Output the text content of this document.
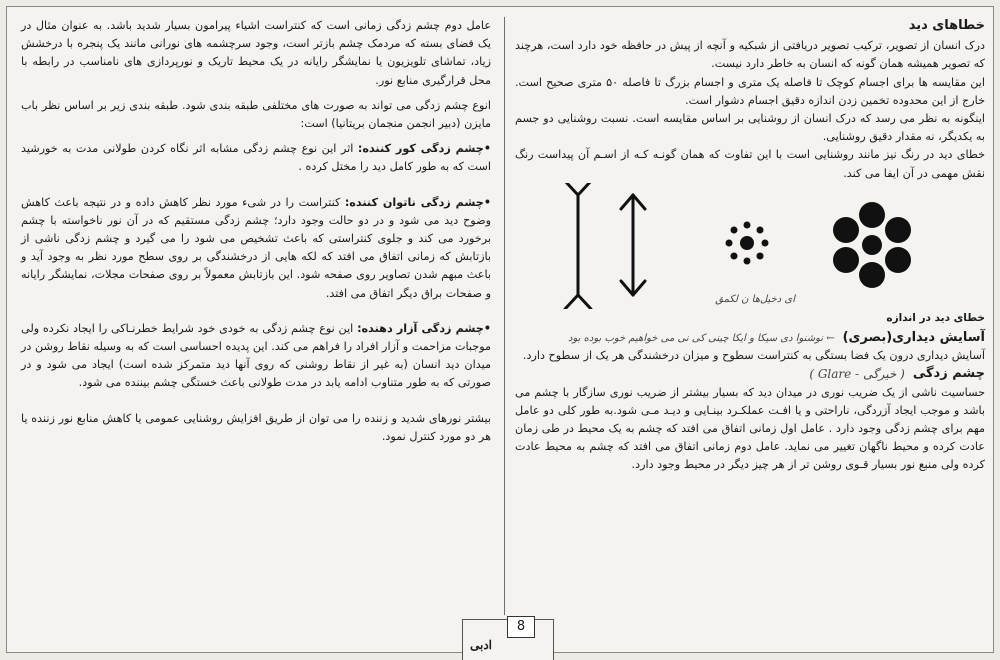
عامل دوم چشم زدگی زمانی است که کنتراست اشیاء پیرامون بسیار شدید باشد. به عنوان مثال در یک فضای بسته که مردمک چشم بازتر است، وجود سرچشمه های نورانی مانند یک پنجره با درخشش زیاد، تماشای تلویزیون یا نمایشگر رایانه در یک محیط تاریک و نورپردازی های نامناسب در رابطه با محل قرارگیری منابع نور.

انوع چشم زدگی می تواند به صورت های مختلفی طبقه بندی شود. طبقه بندی زیر بر اساس نظر باب مایزن (دبیر انجمن منجمان بریتانیا) است:

•چشم زدگی کور کننده: اثر این نوع چشم زدگی مشابه اثر نگاه کردن طولانی مدت به خورشید است که به طور کامل دید را مختل کرده .

•چشم زدگی ناتوان کننده: کنتراست را در شیء مورد نظر کاهش داده و در نتیجه باعث کاهش وضوح دید می شود و در دو حالت وجود دارد؛ چشم زدگی مستقیم که در آن نور ناخواسته با چشم برخورد می کند و جلوی کنتراستی که باعث تشخیص می شود را می گیرد و چشم زدگی ناشی از بازتابش که زمانی اتفاق می افتد که لکه هایی از درخشندگی بر روی سطح مورد نظر به وجود آید و باعث مبهم شدن تصاویر روی صفحه شود. این بازتابش معمولاً بر روی صفحات مجلات، نمایشگر رایانه و صفحات براق دیگر اتفاق می افتد.

•چشم زدگی آزار دهنده: این نوع چشم زدگی به خودی خود شرایط خطرنـاکی را ایجاد نکرده ولی موجبات مزاحمت و آزار افراد را فراهم می کند. این پدیده احساسی است که به وسیله نقاط روشن در میدان دید انسان (به غیر از نقاط روشنی که روی آنها دید متمرکز شده است) ایجاد می شود و در صورتی که به طور متناوب ادامه یابد در مدت طولانی باعث خستگی چشم بیننده می شود.

بیشتر نورهای شدید و زننده را می توان از طریق افزایش روشنایی عمومی یا کاهش منابع نور زننده یا هر دو مورد کنترل نمود.

خطاهای دید

درک انسان از تصویر، ترکیب تصویر دریافتی از شبکیه و آنچه از پیش در حافظه خود دارد است، هرچند که تصویر همیشه همان گونه که انسان به خاطر دارد نیست.

این مقایسه ها برای اجسام کوچک تا فاصله یک متری و اجسام بزرگ تا فاصله ۵۰ متری صحیح است. خارج از این محدوده تخمین زدن اندازه دقیق اجسام دشوار است.

اینگونه به نظر می رسد که درک انسان از روشنایی بر اساس مقایسه است. نسبت روشنایی دو جسم به یکدیگر، نه مقدار دقیق روشنایی.

خطای دید در رنگ نیز مانند روشنایی است با این تفاوت که همان گونـه کـه از اسـم آن پیداست رنگ نقش مهمی در آن ایفا می کند.

ای دخیل‌ها ن لکمق
خطای دید در اندازه
آسایش دیداری(بصری)
← نوشنوا دی سیکا و ایکا چینی کی نی می خواهیم خوب بوده بود

آسایش دیداری درون یک فضا بستگی به کنتراست سطوح و میزان درخشندگی هر یک از سطوح دارد.

چشم زدگی
( Glare - خیرگی )

حساسیت ناشی از یک ضریب نوری در میدان دید که بسیار بیشتر از ضریب نوری سازگار با چشم می باشد و موجب ایجاد آزردگی، ناراحتی و یا افـت عملکـرد بینـایی و دیـد مـی شود.به طور کلی دو عامل مهم برای چشم زدگی وجود دارد . عامل اول زمانی اتفاق می افتد که چشم به یک محیط در طی زمان عادت کرده و محیط ناگهان تغییر می نماید. عامل دوم زمانی اتفاق می افتد که چشم به محیط عادت کرده ولی منبع نور بسیار قـوی روشن تر از هر چیز دیگر در محیط وجود دارد.

8
ادبی
